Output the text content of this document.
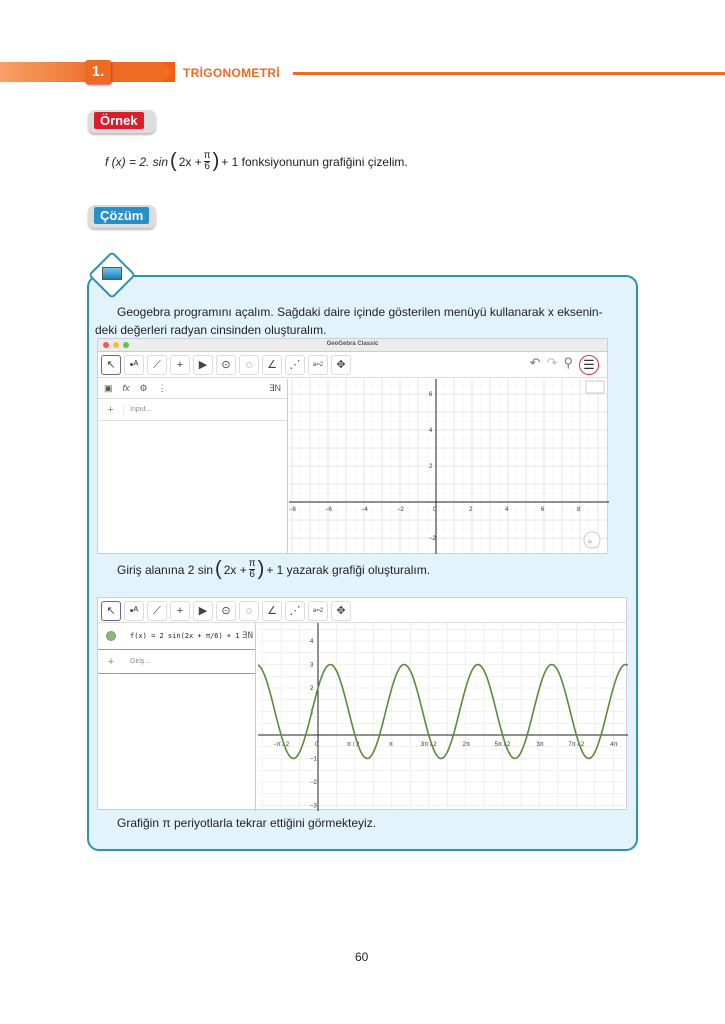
1.	TRİGONOMETRİ
Örnek
f (x) = 2. sin ( $2x + \frac{\pi}{6}$ ) + 1 fonksiyonunun grafiğini çizelim.
Çözüm
Geogebra programını açalım. Sağdaki daire içinde gösterilen menüyü kullanarak x eksenin-
deki değerleri radyan cinsinden oluşturalım.
GeoGebra Classic
↖	•ᴬ	⟋	+	▶	⊙	◌	∠	⋰	a=2	✥	↶ ↷ ⚲ ☰
▣ fx ⚙ ⋮	∃N
+	Input...
−8	−6	−4	−2	0	2	4	6	8
6
4
2
−2	⌂
Giriş alanına 2 sin ( $2x + \frac{\pi}{6}$ ) + 1 yazarak grafiği oluşturalım.
↖	•ᴬ	⟋	+	▶	⊙	◌	∠	⋰	a=2	✥
f(x) = 2 sin(2x + π/6) + 1 ∃N
+	Giriş...
−π / 2	0	π / 2	π	3π / 2	2π	5π / 2	3π	7π / 2	4π
4
3
2
1
−1
−2
−3
Grafiğin π periyotlarla tekrar ettiğini görmekteyiz.
60
